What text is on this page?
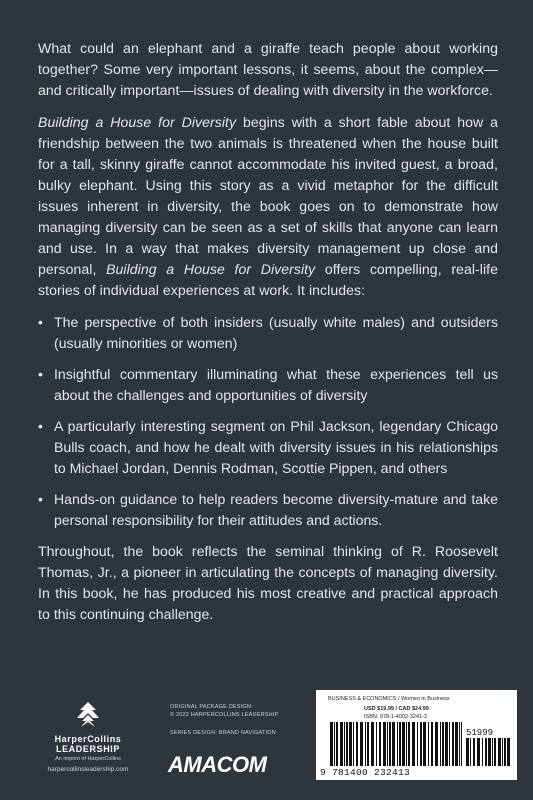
What could an elephant and a giraffe teach people about working together? Some very important lessons, it seems, about the complex—and critically important—issues of dealing with diversity in the workforce.

Building a House for Diversity begins with a short fable about how a friendship between the two animals is threatened when the house built for a tall, skinny giraffe cannot accommodate his invited guest, a broad, bulky elephant. Using this story as a vivid metaphor for the difficult issues inherent in diversity, the book goes on to demonstrate how managing diversity can be seen as a set of skills that anyone can learn and use. In a way that makes diversity management up close and personal, Building a House for Diversity offers compelling, real-life stories of individual experiences at work. It includes:

• The perspective of both insiders (usually white males) and outsiders (usually minorities or women)
• Insightful commentary illuminating what these experiences tell us about the challenges and opportunities of diversity
• A particularly interesting segment on Phil Jackson, legendary Chicago Bulls coach, and how he dealt with diversity issues in his relationships to Michael Jordan, Dennis Rodman, Scottie Pippen, and others
• Hands-on guidance to help readers become diversity-mature and take personal responsibility for their attitudes and actions.

Throughout, the book reflects the seminal thinking of R. Roosevelt Thomas, Jr., a pioneer in articulating the concepts of managing diversity. In this book, he has produced his most creative and practical approach to this continuing challenge.

HarperCollins
LEADERSHIP
An imprint of HarperCollins
harpercollinsleadership.com
ORIGINAL PACKAGE DESIGN:
© 2022 HARPERCOLLINS LEADERSHIP
SERIES DESIGN: BRAND NAVIGATION
AMACOM
BUSINESS & ECONOMICS / Women in Business
USD $19.99 / CAD $24.99
ISBN: 978-1-4002-3241-3
51999
9 781400 232413
